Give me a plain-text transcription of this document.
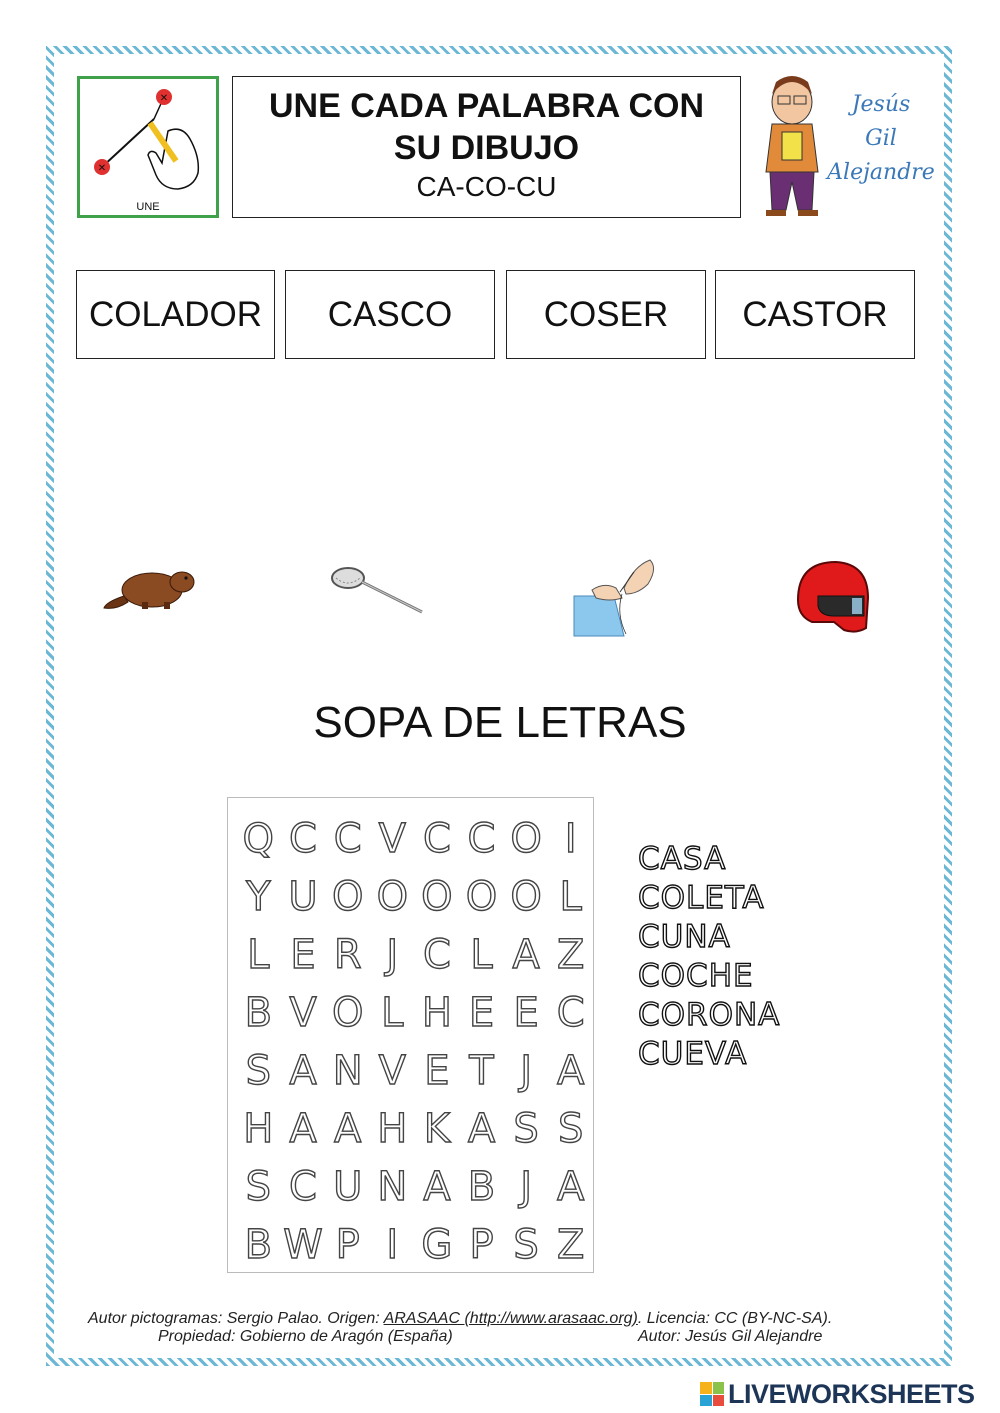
✕
✕
UNE
UNE CADA PALABRA CON
SU DIBUJO
CA-CO-CU
Jesús
Gil
Alejandre
COLADOR	CASCO	COSER	CASTOR
SOPA DE LETRAS
Q	C	C	V	C	C	O	I
Y	U	O	O	O	O	O	L
L	E	R	J	C	L	A	Z
B	V	O	L	H	E	E	C
S	A	N	V	E	T	J	A
H	A	A	H	K	A	S	S
S	C	U	N	A	B	J	A
B	W	P	I	G	P	S	Z
CASA
COLETA
CUNA
COCHE
CORONA
CUEVA
Autor pictogramas: Sergio Palao. Origen: ARASAAC (http://www.arasaac.org). Licencia: CC (BY-NC-SA).
Propiedad: Gobierno de Aragón (España)	Autor: Jesús Gil Alejandre
LIVEWORKSHEETS
